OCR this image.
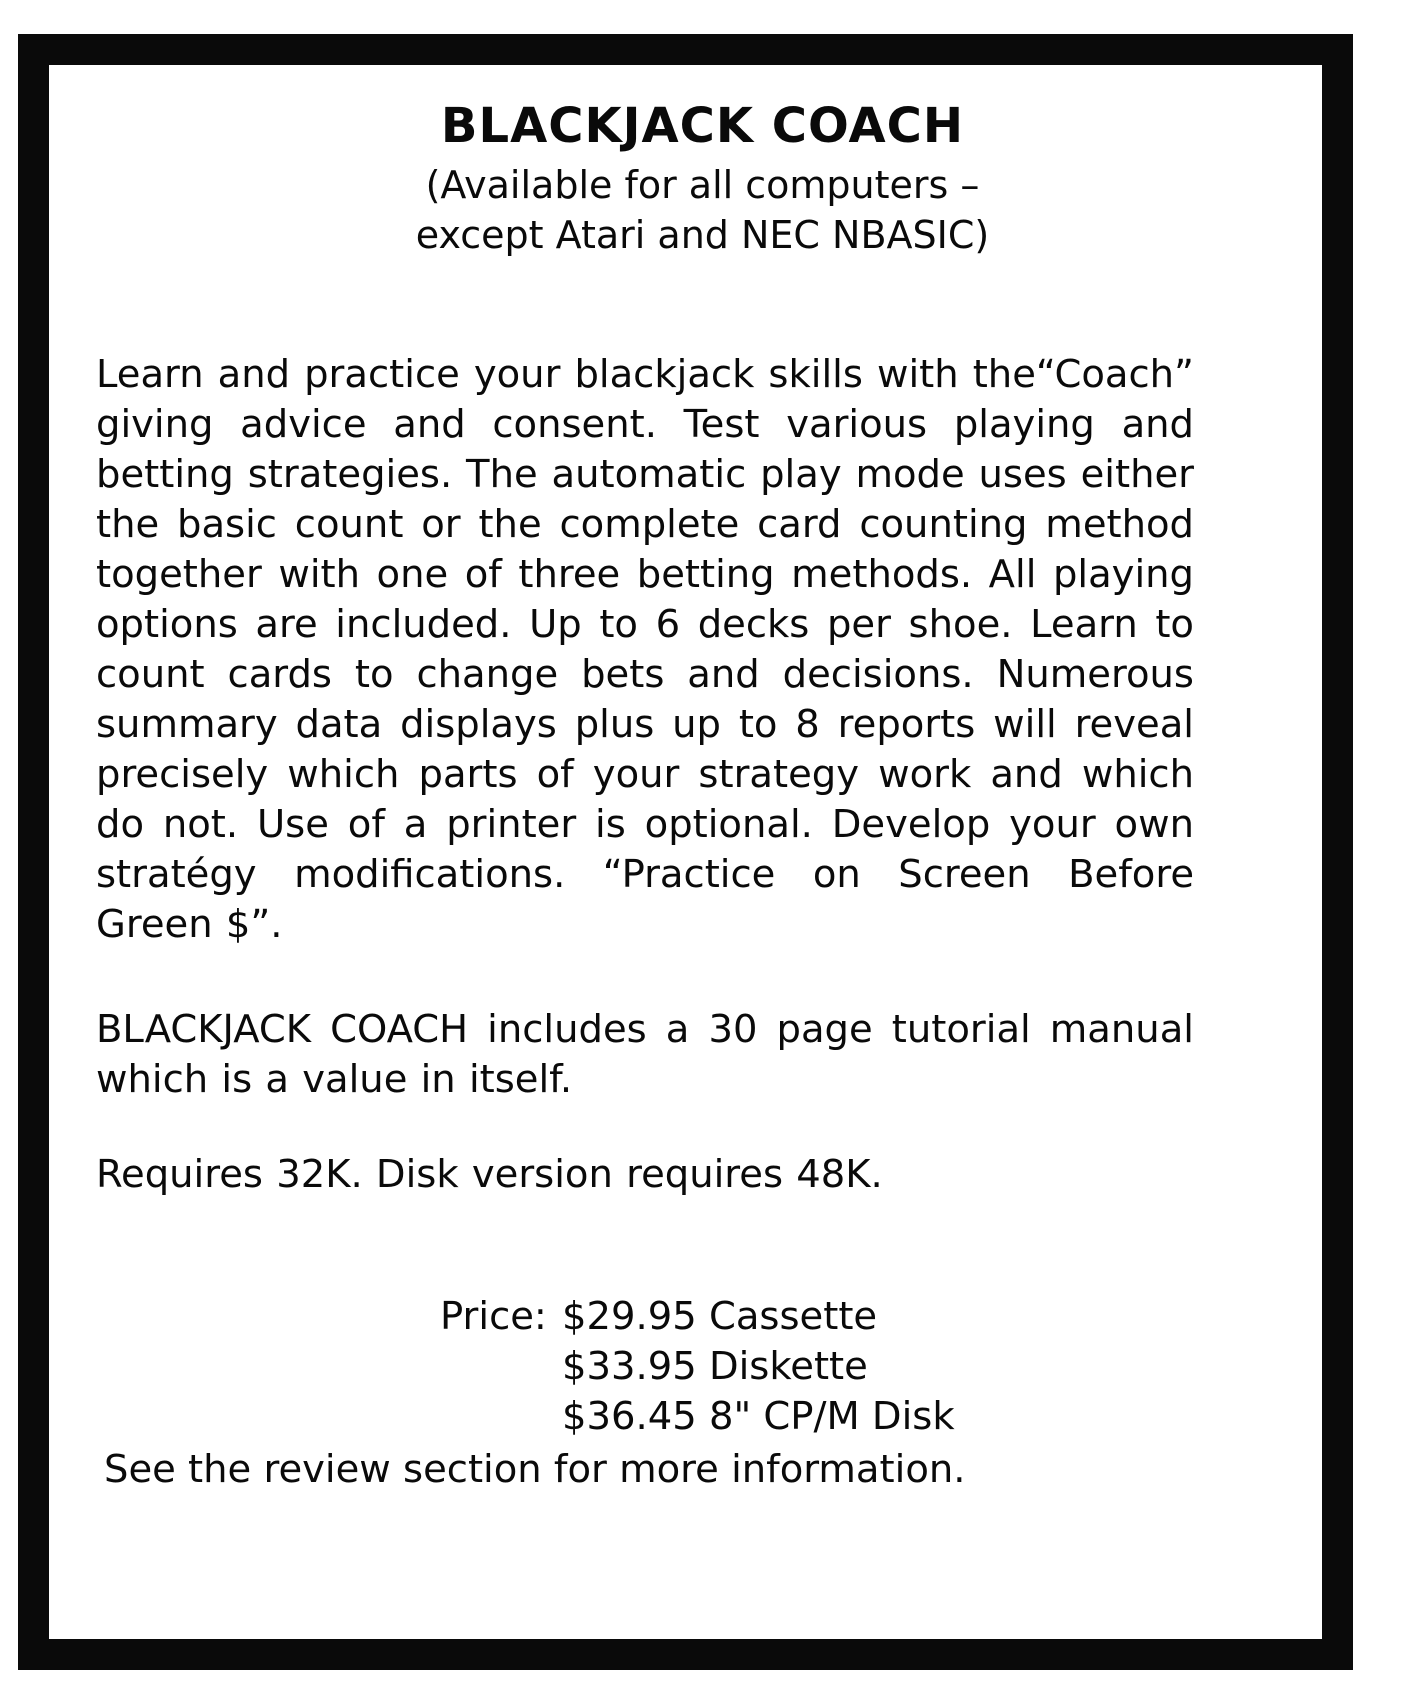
BLACKJACK COACH
(Available for all computers –
except Atari and NEC NBASIC)
Learn and practice your blackjack skills with the“Coach” giving advice and consent. Test various playing and betting strategies. The automatic play mode uses either the basic count or the complete card counting method together with one of three betting methods. All playing options are included. Up to 6 decks per shoe. Learn to count cards to change bets and decisions. Numerous summary data displays plus up to 8 reports will reveal precisely which parts of your strategy work and which do not. Use of a printer is optional. Develop your own stratégy modifications. “Practice on Screen Before Green $”.
BLACKJACK COACH includes a 30 page tutorial manual which is a value in itself.
Requires 32K. Disk version requires 48K.
Price: $29.95 Cassette
$33.95 Diskette
$36.45 8" CP/M Disk
See the review section for more information.
